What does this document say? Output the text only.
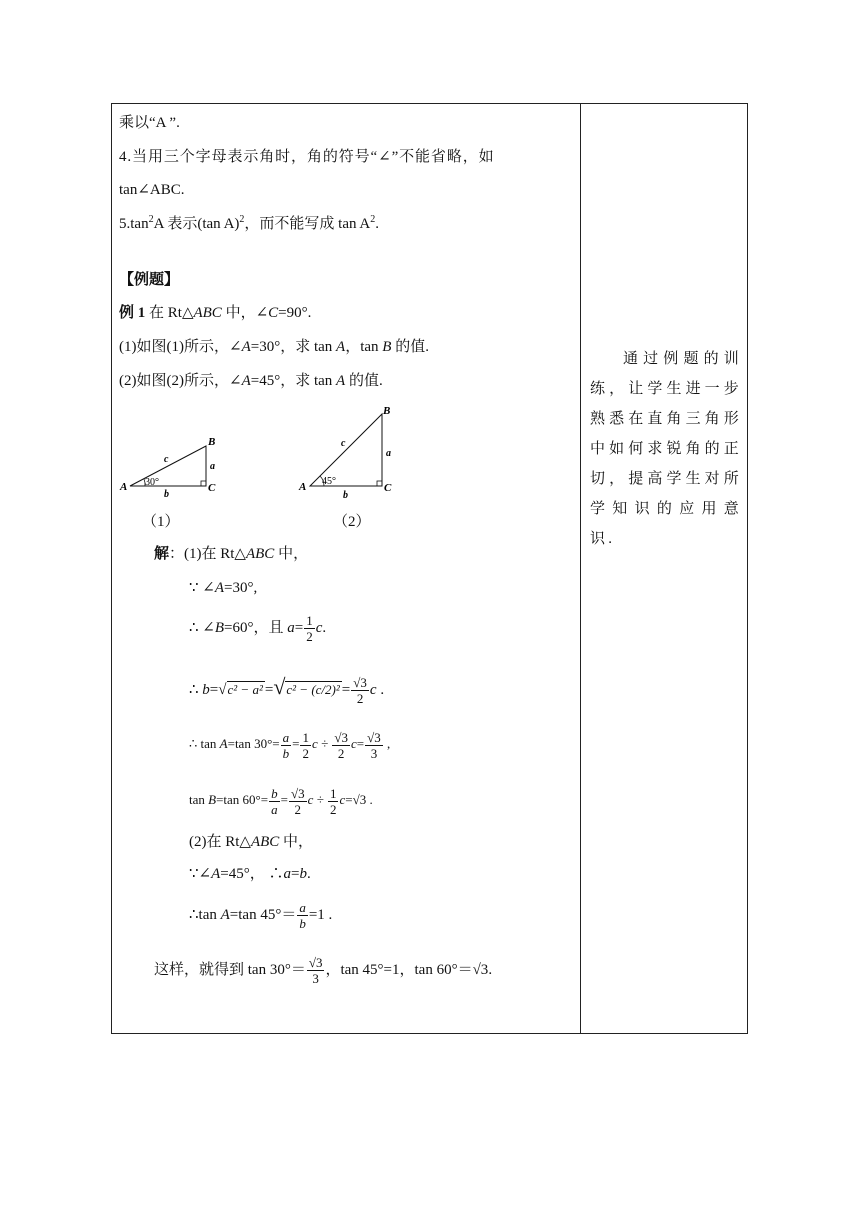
乘以“A ”.
4.当用三个字母表示角时，角的符号“∠”不能省略，如
tan∠ABC.
$5.\tan^2A$ 表示(tan A)$^2$，而不能写成 $\tan A^2$.
【例题】
例 1 在 Rt△ABC 中，∠C=90°.
(1)如图(1)所示，∠A=30°，求 tan A，tan B 的值.
(2)如图(2)所示，∠A=45°，求 tan A 的值.
A
B
C
a
b
c
30°
（1）
A
B
C
a
b
c
45°
（2）
解：(1)在 Rt△ABC 中，
∵ ∠A=30°,
∴ ∠B=60°，且 $a= \frac{1}{2} c$.
∴ $b=√c^2 - a^2 =√c^2 - (c/2)^2 = \frac{√3}{2}$ c .
∴ tan A=tan $30^\circ= \frac{a}{b} = \frac{1}{2}$ $c \div \frac{√3}{2} c= \frac{√3}{3}$ ,
tan B=tan $60^\circ= \frac{b}{a} = \frac{√3}{2}$ $c \div \frac{1}{2} c=√3$ .
(2)在 Rt△ABC 中，
∵∠A=45°， ∴a=b.
∴tan A=tan $45^\circ= \frac{a}{b} =1$ .
这样，就得到 $\tan 30^\circ= \frac{√3}{3}$ ，tan 45°=1，tan 60°＝√3.
通过例题的训练，让学生进一步熟悉在直角三角形中如何求锐角的正切，提高学生对所学知识的应用意识.
